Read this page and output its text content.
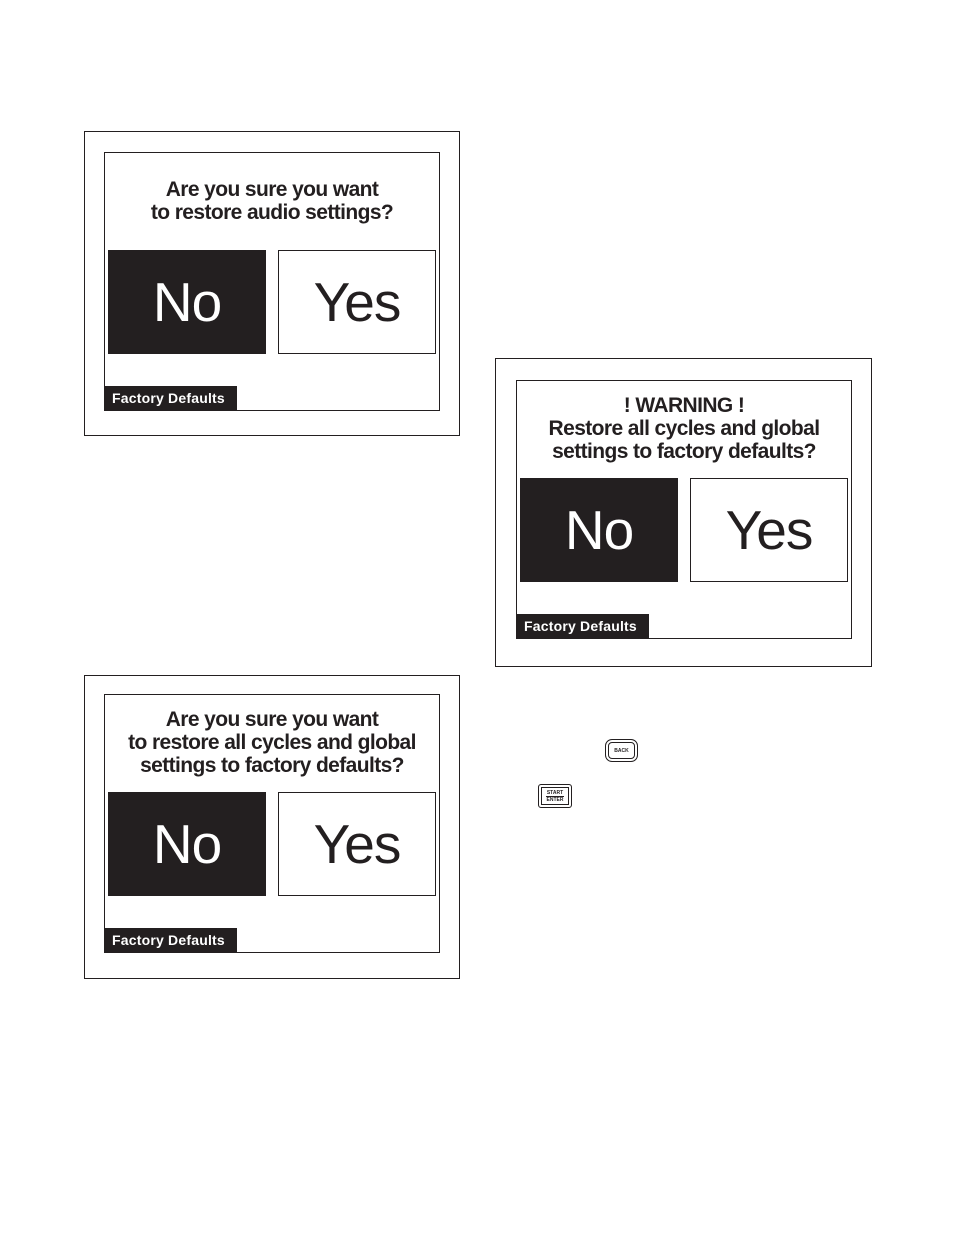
Are you sure you want
to restore audio settings?
No	Yes
Factory Defaults	! WARNING !
Restore all cycles and global
settings to factory defaults?
No	Yes
Factory Defaults
Are you sure you want
to restore all cycles and global
settings to factory defaults?
No	Yes
Factory Defaults
BACK
START
ENTER
